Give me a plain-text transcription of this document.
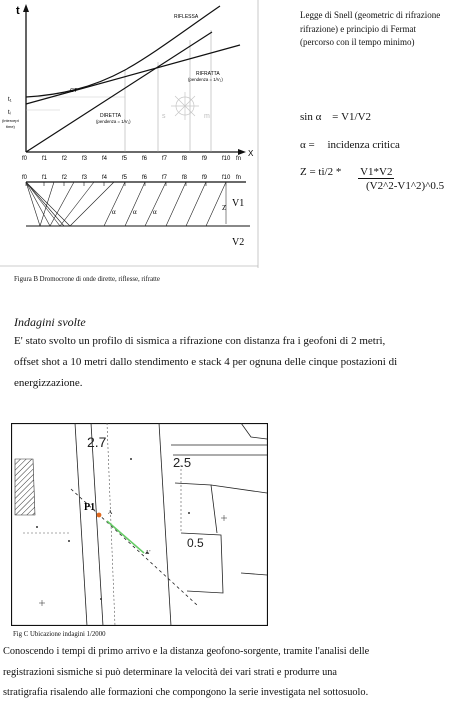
t
X
CT
RIFLESSA
RIFRATTA
(pendenza = 1/V₂)
DIRETTA
(pendenza = 1/V₁)
t₁
tᵢ
(intercept
time)
s	m
f0 f1 f2 f3 f4 f5 f6 f7 f8 f9 f10 fn
f0 f1 f2 f3 f4 f5 f6 f7 f8 f9 f10 fn
V1
V2
Z
α α α
Figura B Dromocrone di onde dirette, riflesse, rifratte
Legge di Snell (geometric di rifrazione
rifrazione) e principio di Fermat
(percorso con il tempo minimo)
sin α = V1/V2
α = incidenza critica
Z = ti/2 * V1*V2
(V2^2-V1^2)^0.5
Indagini svolte
E' stato svolto un profilo di sismica a rifrazione con distanza fra i geofoni di 2 metri,
offset shot a 10 metri dallo stendimento e stack 4 per ognuna delle cinque postazioni di
energizzazione.
2.7
2.5
0.5
P1 A
A'
Fig C Ubicazione indagini 1/2000
Conoscendo i tempi di primo arrivo e la distanza geofono-sorgente, tramite l'analisi delle
registrazioni sismiche si può determinare la velocità dei vari strati e produrre una
stratigrafia risalendo alle formazioni che compongono la serie investigata nel sottosuolo.
